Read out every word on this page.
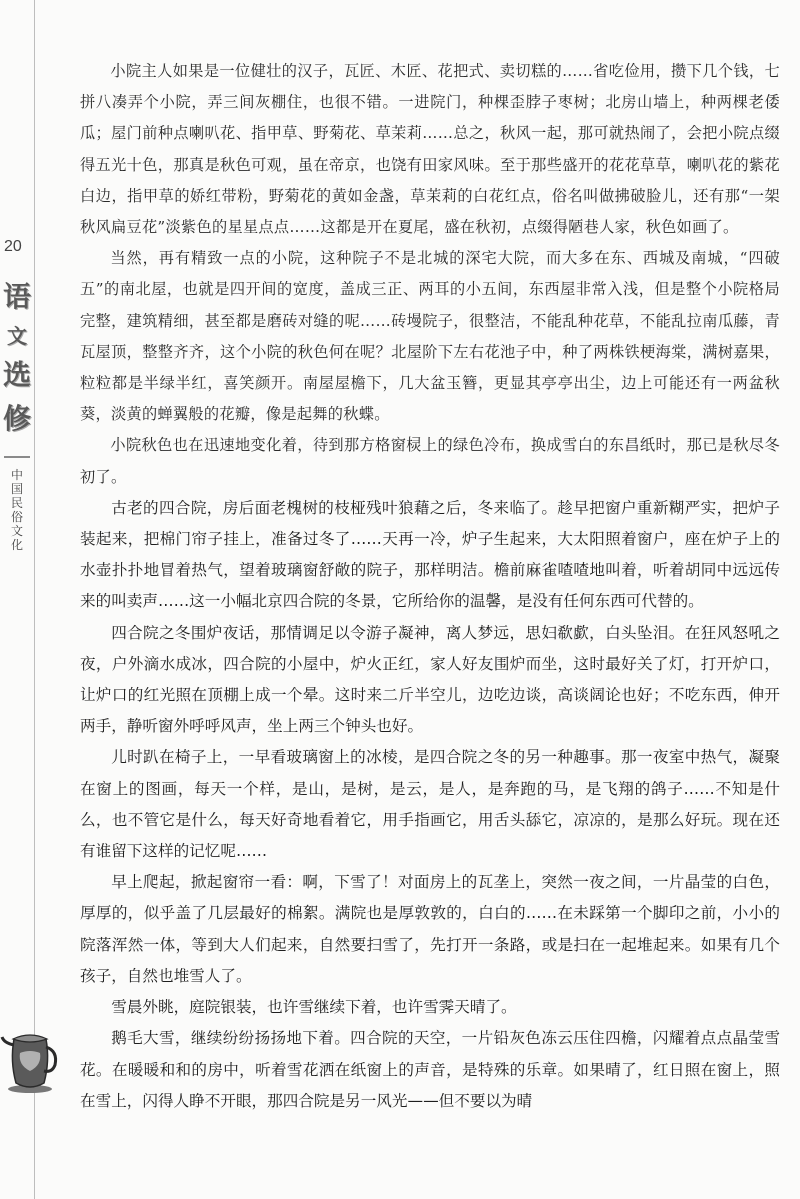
20
语
文
选
修
中
国
民
俗
文
化

小院主人如果是一位健壮的汉子，瓦匠、木匠、花把式、卖切糕的……省吃俭用，攒下几个钱，七拼八凑弄个小院，弄三间灰棚住，也很不错。一进院门，种棵歪脖子枣树；北房山墙上，种两棵老倭瓜；屋门前种点喇叭花、指甲草、野菊花、草茉莉……总之，秋风一起，那可就热闹了，会把小院点缀得五光十色，那真是秋色可观，虽在帝京，也饶有田家风味。至于那些盛开的花花草草，喇叭花的紫花白边，指甲草的娇红带粉，野菊花的黄如金盏，草茉莉的白花红点，俗名叫做拂破脸儿，还有那“一架秋风扁豆花”淡紫色的星星点点……这都是开在夏尾，盛在秋初，点缀得陋巷人家，秋色如画了。

当然，再有精致一点的小院，这种院子不是北城的深宅大院，而大多在东、西城及南城，“四破五”的南北屋，也就是四开间的宽度，盖成三正、两耳的小五间，东西屋非常入浅，但是整个小院格局完整，建筑精细，甚至都是磨砖对缝的呢……砖墁院子，很整洁，不能乱种花草，不能乱拉南瓜藤，青瓦屋顶，整整齐齐，这个小院的秋色何在呢？北屋阶下左右花池子中，种了两株铁梗海棠，满树嘉果，粒粒都是半绿半红，喜笑颜开。南屋屋檐下，几大盆玉簪，更显其亭亭出尘，边上可能还有一两盆秋葵，淡黄的蝉翼般的花瓣，像是起舞的秋蝶。

小院秋色也在迅速地变化着，待到那方格窗棂上的绿色冷布，换成雪白的东昌纸时，那已是秋尽冬初了。

古老的四合院，房后面老槐树的枝桠残叶狼藉之后，冬来临了。趁早把窗户重新糊严实，把炉子装起来，把棉门帘子挂上，准备过冬了……天再一冷，炉子生起来，大太阳照着窗户，座在炉子上的水壶扑扑地冒着热气，望着玻璃窗舒敞的院子，那样明洁。檐前麻雀喳喳地叫着，听着胡同中远远传来的叫卖声……这一小幅北京四合院的冬景，它所给你的温馨，是没有任何东西可代替的。

四合院之冬围炉夜话，那情调足以令游子凝神，离人梦远，思妇欷歔，白头坠泪。在狂风怒吼之夜，户外滴水成冰，四合院的小屋中，炉火正红，家人好友围炉而坐，这时最好关了灯，打开炉口，让炉口的红光照在顶棚上成一个晕。这时来二斤半空儿，边吃边谈，高谈阔论也好；不吃东西，伸开两手，静听窗外呼呼风声，坐上两三个钟头也好。

儿时趴在椅子上，一早看玻璃窗上的冰棱，是四合院之冬的另一种趣事。那一夜室中热气，凝聚在窗上的图画，每天一个样，是山，是树，是云，是人，是奔跑的马，是飞翔的鸽子……不知是什么，也不管它是什么，每天好奇地看着它，用手指画它，用舌头舔它，凉凉的，是那么好玩。现在还有谁留下这样的记忆呢……

早上爬起，掀起窗帘一看：啊，下雪了！对面房上的瓦垄上，突然一夜之间，一片晶莹的白色，厚厚的，似乎盖了几层最好的棉絮。满院也是厚敦敦的，白白的……在未踩第一个脚印之前，小小的院落浑然一体，等到大人们起来，自然要扫雪了，先打开一条路，或是扫在一起堆起来。如果有几个孩子，自然也堆雪人了。

雪晨外眺，庭院银装，也许雪继续下着，也许雪霁天晴了。

鹅毛大雪，继续纷纷扬扬地下着。四合院的天空，一片铅灰色冻云压住四檐，闪耀着点点晶莹雪花。在暖暖和和的房中，听着雪花洒在纸窗上的声音，是特殊的乐章。如果晴了，红日照在窗上，照在雪上，闪得人睁不开眼，那四合院是另一风光——但不要以为晴
